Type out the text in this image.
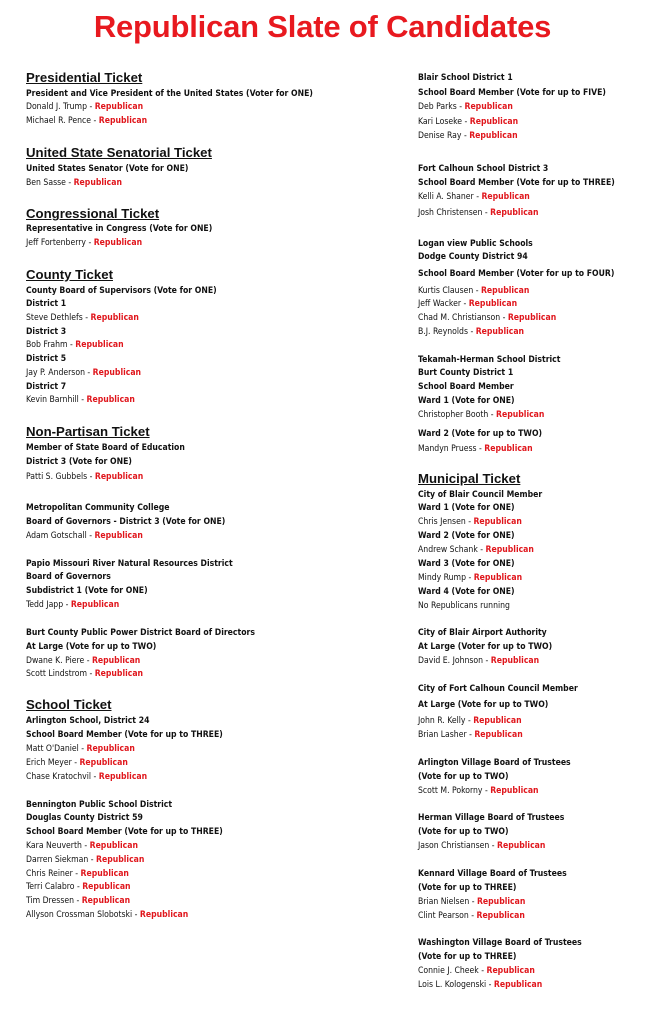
Republican Slate of Candidates
Presidential Ticket
President and Vice President of the United States (Voter for ONE)
Donald J. Trump - Republican
Michael R. Pence - Republican
United State Senatorial Ticket
United States Senator (Vote for ONE)
Ben Sasse - Republican
Congressional Ticket
Representative in Congress (Vote for ONE)
Jeff Fortenberry - Republican
County Ticket
County Board of Supervisors (Vote for ONE)
District 1
Steve Dethlefs - Republican
District 3
Bob Frahm - Republican
District 5
Jay P. Anderson - Republican
District 7
Kevin Barnhill - Republican
Non-Partisan Ticket
Member of State Board of Education
District 3 (Vote for ONE)
Patti S. Gubbels - Republican
Metropolitan Community College
Board of Governors - District 3 (Vote for ONE)
Adam Gotschall - Republican
Papio Missouri River Natural Resources District
Board of Governors
Subdistrict 1 (Vote for ONE)
Tedd Japp - Republican
Burt County Public Power District Board of Directors
At Large (Vote for up to TWO)
Dwane K. Piere - Republican
Scott Lindstrom - Republican
School Ticket
Arlington School, District 24
School Board Member (Vote for up to THREE)
Matt O'Daniel - Republican
Erich Meyer - Republican
Chase Kratochvil - Republican
Bennington Public School District
Douglas County District 59
School Board Member (Vote for up to THREE)
Kara Neuverth - Republican
Darren Siekman - Republican
Chris Reiner - Republican
Terri Calabro - Republican
Tim Dressen - Republican
Allyson Crossman Slobotski - Republican
Blair School District 1
School Board Member (Vote for up to FIVE)
Deb Parks - Republican
Kari Loseke - Republican
Denise Ray - Republican
Fort Calhoun School District 3
School Board Member (Vote for up to THREE)
Kelli A. Shaner - Republican
Josh Christensen - Republican
Logan view Public Schools
Dodge County District 94
School Board Member (Voter for up to FOUR)
Kurtis Clausen - Republican
Jeff Wacker - Republican
Chad M. Christianson - Republican
B.J. Reynolds - Republican
Tekamah-Herman School District
Burt County District 1
School Board Member
Ward 1 (Vote for ONE)
Christopher Booth - Republican
Ward 2 (Vote for up to TWO)
Mandyn Pruess - Republican
Municipal Ticket
City of Blair Council Member
Ward 1 (Vote for ONE)
Chris Jensen - Republican
Ward 2 (Vote for ONE)
Andrew Schank - Republican
Ward 3 (Vote for ONE)
Mindy Rump - Republican
Ward 4 (Vote for ONE)
No Republicans running
City of Blair Airport Authority
At Large (Voter for up to TWO)
David E. Johnson - Republican
City of Fort Calhoun Council Member
At Large (Vote for up to TWO)
John R. Kelly - Republican
Brian Lasher - Republican
Arlington Village Board of Trustees
(Vote for up to TWO)
Scott M. Pokorny - Republican
Herman Village Board of Trustees
(Vote for up to TWO)
Jason Christiansen - Republican
Kennard Village Board of Trustees
(Vote for up to THREE)
Brian Nielsen - Republican
Clint Pearson - Republican
Washington Village Board of Trustees
(Vote for up to THREE)
Connie J. Cheek - Republican
Lois L. Kologenski - Republican
